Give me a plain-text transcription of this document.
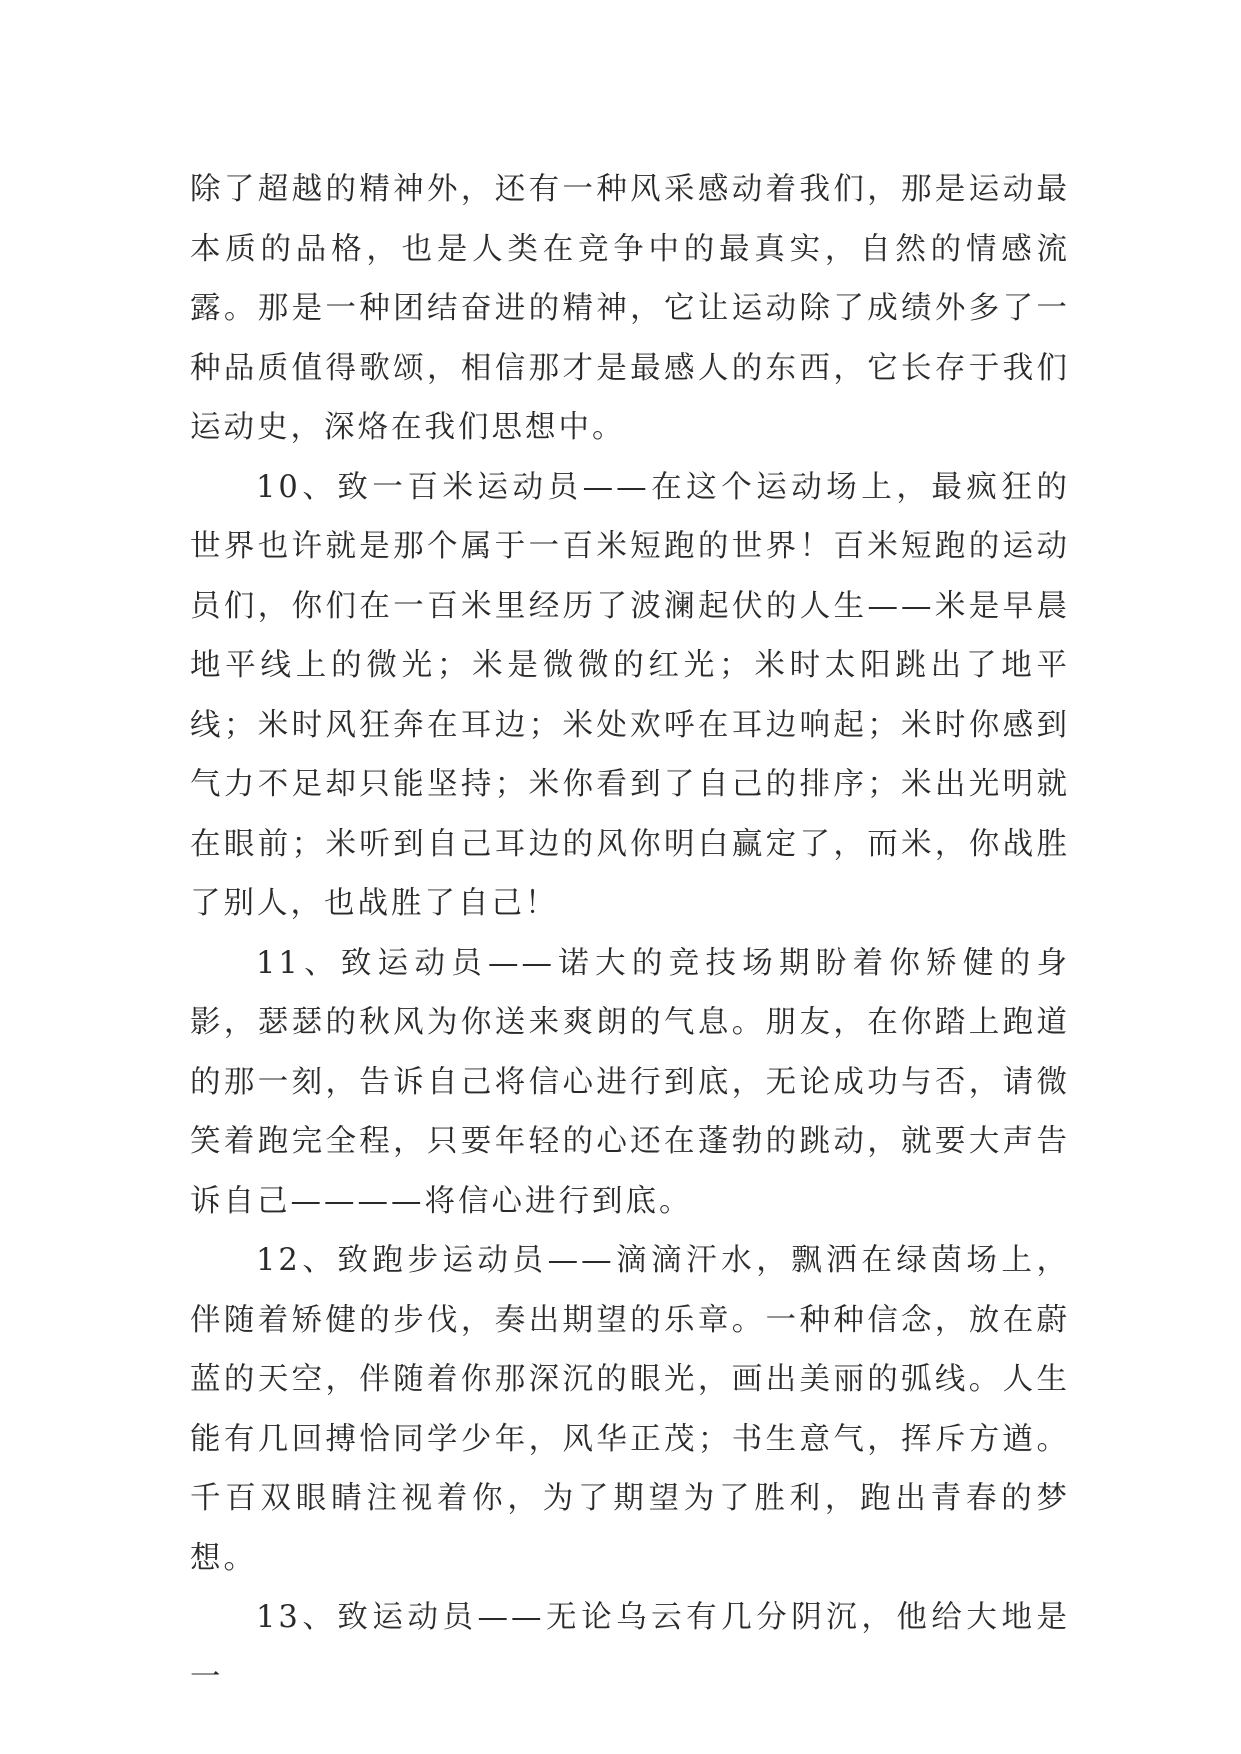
除了超越的精神外，还有一种风采感动着我们，那是运动最本质的品格，也是人类在竞争中的最真实，自然的情感流露。那是一种团结奋进的精神，它让运动除了成绩外多了一种品质值得歌颂，相信那才是最感人的东西，它长存于我们运动史，深烙在我们思想中。

10、致一百米运动员——在这个运动场上，最疯狂的世界也许就是那个属于一百米短跑的世界！百米短跑的运动员们，你们在一百米里经历了波澜起伏的人生——米是早晨地平线上的微光；米是微微的红光；米时太阳跳出了地平线；米时风狂奔在耳边；米处欢呼在耳边响起；米时你感到气力不足却只能坚持；米你看到了自己的排序；米出光明就在眼前；米听到自己耳边的风你明白赢定了，而米，你战胜了别人，也战胜了自己！

11、致运动员——诺大的竞技场期盼着你矫健的身影，瑟瑟的秋风为你送来爽朗的气息。朋友，在你踏上跑道的那一刻，告诉自己将信心进行到底，无论成功与否，请微笑着跑完全程，只要年轻的心还在蓬勃的跳动，就要大声告诉自己————将信心进行到底。

12、致跑步运动员——滴滴汗水，飘洒在绿茵场上，伴随着矫健的步伐，奏出期望的乐章。一种种信念，放在蔚蓝的天空，伴随着你那深沉的眼光，画出美丽的弧线。人生能有几回搏恰同学少年，风华正茂；书生意气，挥斥方遒。千百双眼睛注视着你，为了期望为了胜利，跑出青春的梦想。

13、致运动员——无论乌云有几分阴沉，他给大地是一
